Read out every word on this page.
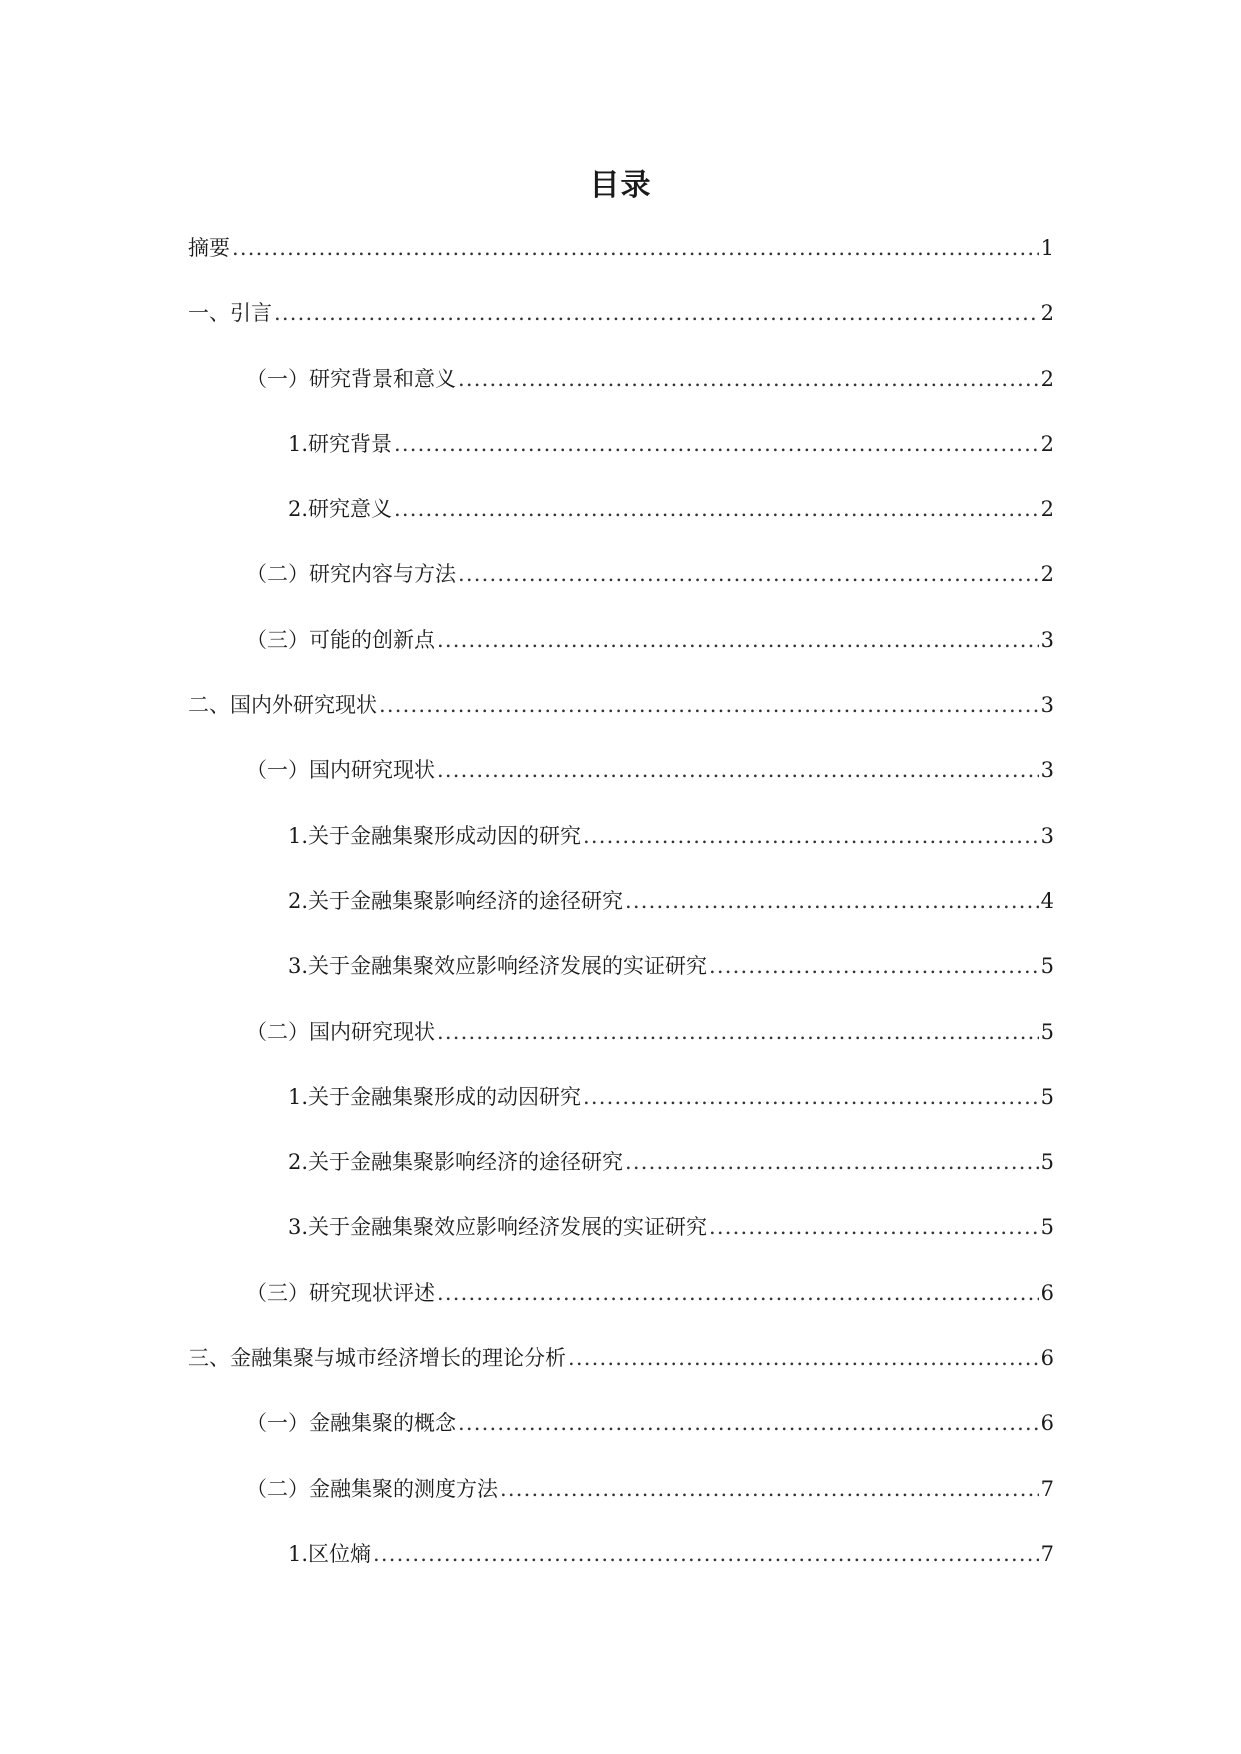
目录
摘要 .....	1
一、引言 .....	2
（一）研究背景和意义 .....	2
1.研究背景 .....	2
2.研究意义 .....	2
（二）研究内容与方法 .....	2
（三）可能的创新点 .....	3
二、国内外研究现状 .....	3
（一）国内研究现状 .....	3
1.关于金融集聚形成动因的研究 .....	3
2.关于金融集聚影响经济的途径研究 .....	4
3.关于金融集聚效应影响经济发展的实证研究 .....	5
（二）国内研究现状 .....	5
1.关于金融集聚形成的动因研究 .....	5
2.关于金融集聚影响经济的途径研究 .....	5
3.关于金融集聚效应影响经济发展的实证研究 .....	5
（三）研究现状评述 .....	6
三、金融集聚与城市经济增长的理论分析 .....	6
（一）金融集聚的概念 .....	6
（二）金融集聚的测度方法 .....	7
1.区位熵 .....	7
